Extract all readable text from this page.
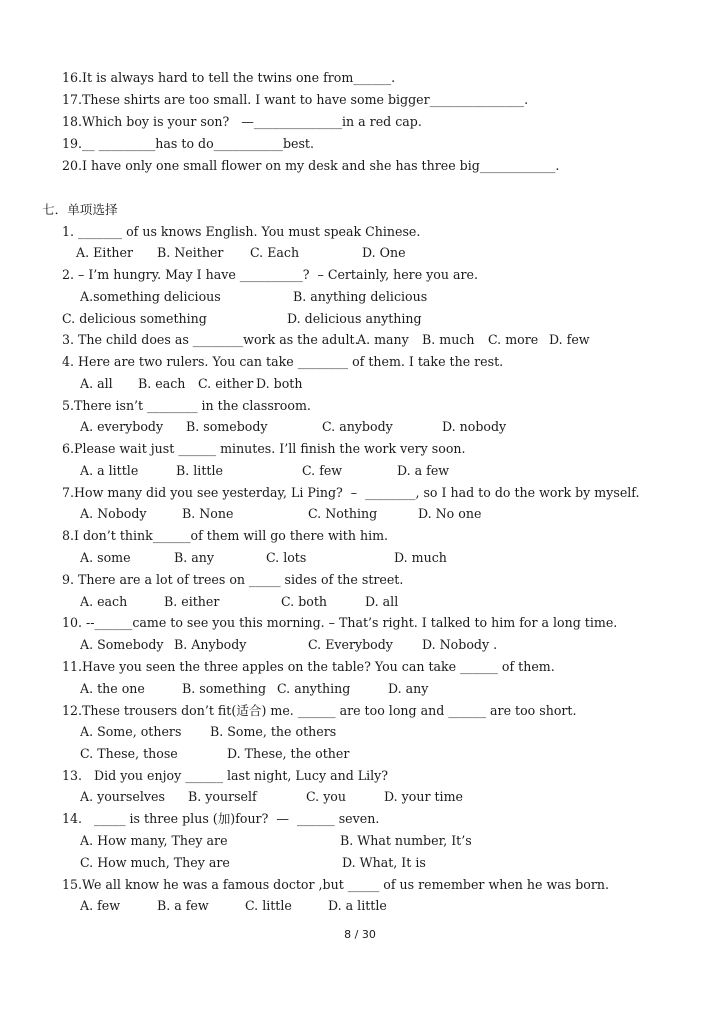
16.It is always hard to tell the twins one from______.
17.These shirts are too small. I want to have some bigger_______________.
18.Which boy is your son?   —______________in a red cap.
19.__ _________has to do___________best.
20.I have only one small flower on my desk and she has three big____________.
七．单项选择
1. _______ of us knows English. You must speak Chinese.
A. Either B. Neither C. Each	D. One
2. – I’m hungry. May I have __________?  – Certainly, here you are.
A.something delicious	B. anything delicious
C. delicious something	D. delicious anything
3. The child does as ________work as the adult.
A. many B. much C. more D. few
4. Here are two rulers. You can take ________ of them. I take the rest.
A. all B. each C. either D. both
5.There isn’t ________ in the classroom.
A. everybody B. somebody	C. anybody	D. nobody
6.Please wait just ______ minutes. I’ll finish the work very soon.
A. a little	B. little	C. few	D. a few
7.How many did you see yesterday, Li Ping?  –  ________, so I had to do the work by myself.
A. Nobody	B. None	C. Nothing	D. No one
8.I don’t think______of them will go there with him.
A. some	B. any	C. lots	D. much
9. There are a lot of trees on _____ sides of the street.
A. each	B. either	C. both	D. all
10. --______came to see you this morning. – That’s right. I talked to him for a long time.
A. Somebody B. Anybody	C. Everybody D. Nobody .
11.Have you seen the three apples on the table? You can take ______ of them.
A. the one	B. something C. anything	D. any
12.These trousers don’t fit(适合) me. ______ are too long and ______ are too short.
A. Some, others B. Some, the others
C. These, those	D. These, the other
13.   Did you enjoy ______ last night, Lucy and Lily?
A. yourselves B. yourself	C. you	D. your time
14.   _____ is three plus (加)four?  —  ______ seven.
A. How many, They are	B. What number, It’s
C. How much, They are	D. What, It is
15.We all know he was a famous doctor ,but _____ of us remember when he was born.
A. few	B. a few	C. little	D. a little
8 / 30
